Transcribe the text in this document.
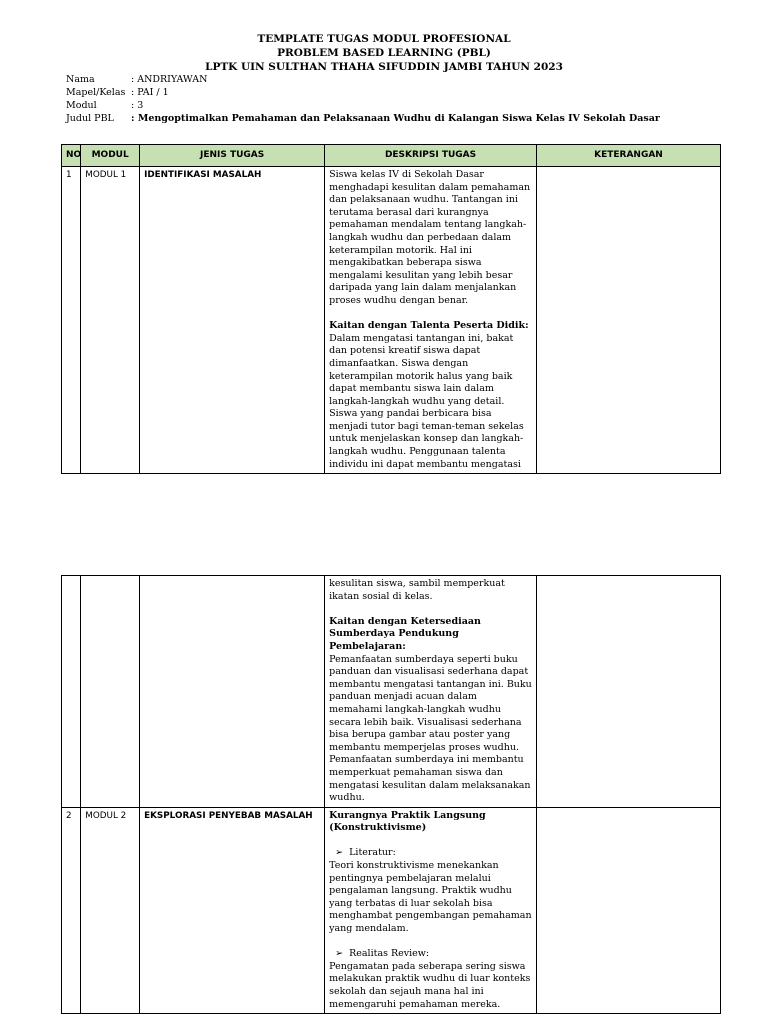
TEMPLATE TUGAS MODUL PROFESIONAL
PROBLEM BASED LEARNING (PBL)
LPTK UIN SULTHAN THAHA SIFUDDIN JAMBI TAHUN 2023
Nama	: ANDRIYAWAN
Mapel/Kelas : PAI / 1
Modul	: 3
Judul PBL	: Mengoptimalkan Pemahaman dan Pelaksanaan Wudhu di Kalangan Siswa Kelas IV Sekolah Dasar
NO	MODUL	JENIS TUGAS	DESKRIPSI TUGAS	KETERANGAN
1	MODUL 1	IDENTIFIKASI MASALAH	Siswa kelas IV di Sekolah Dasar menghadapi kesulitan dalam pemahaman dan pelaksanaan wudhu. Tantangan ini terutama berasal dari kurangnya pemahaman mendalam tentang langkah-langkah wudhu dan perbedaan dalam keterampilan motorik. Hal ini mengakibatkan beberapa siswa mengalami kesulitan yang lebih besar daripada yang lain dalam menjalankan proses wudhu dengan benar.

Kaitan dengan Talenta Peserta Didik:

Dalam mengatasi tantangan ini, bakat dan potensi kreatif siswa dapat dimanfaatkan. Siswa dengan keterampilan motorik halus yang baik dapat membantu siswa lain dalam langkah-langkah wudhu yang detail. Siswa yang pandai berbicara bisa menjadi tutor bagi teman-teman sekelas untuk menjelaskan konsep dan langkah-langkah wudhu. Penggunaan talenta individu ini dapat membantu mengatasi	

			kesulitan siswa, sambil memperkuat ikatan sosial di kelas.

Kaitan dengan Ketersediaan Sumberdaya Pendukung Pembelajaran:

Pemanfaatan sumberdaya seperti buku panduan dan visualisasi sederhana dapat membantu mengatasi tantangan ini. Buku panduan menjadi acuan dalam memahami langkah-langkah wudhu secara lebih baik. Visualisasi sederhana bisa berupa gambar atau poster yang membantu memperjelas proses wudhu. Pemanfaatan sumberdaya ini membantu memperkuat pemahaman siswa dan mengatasi kesulitan dalam melaksanakan wudhu.	

2	MODUL 2	EKSPLORASI PENYEBAB MASALAH	Kurangnya Praktik Langsung (Konstruktivisme)

➢ Literatur:

Teori konstruktivisme menekankan pentingnya pembelajaran melalui pengalaman langsung. Praktik wudhu yang terbatas di luar sekolah bisa menghambat pengembangan pemahaman yang mendalam.

➢ Realitas Review:

Pengamatan pada seberapa sering siswa melakukan praktik wudhu di luar konteks sekolah dan sejauh mana hal ini memengaruhi pemahaman mereka.
